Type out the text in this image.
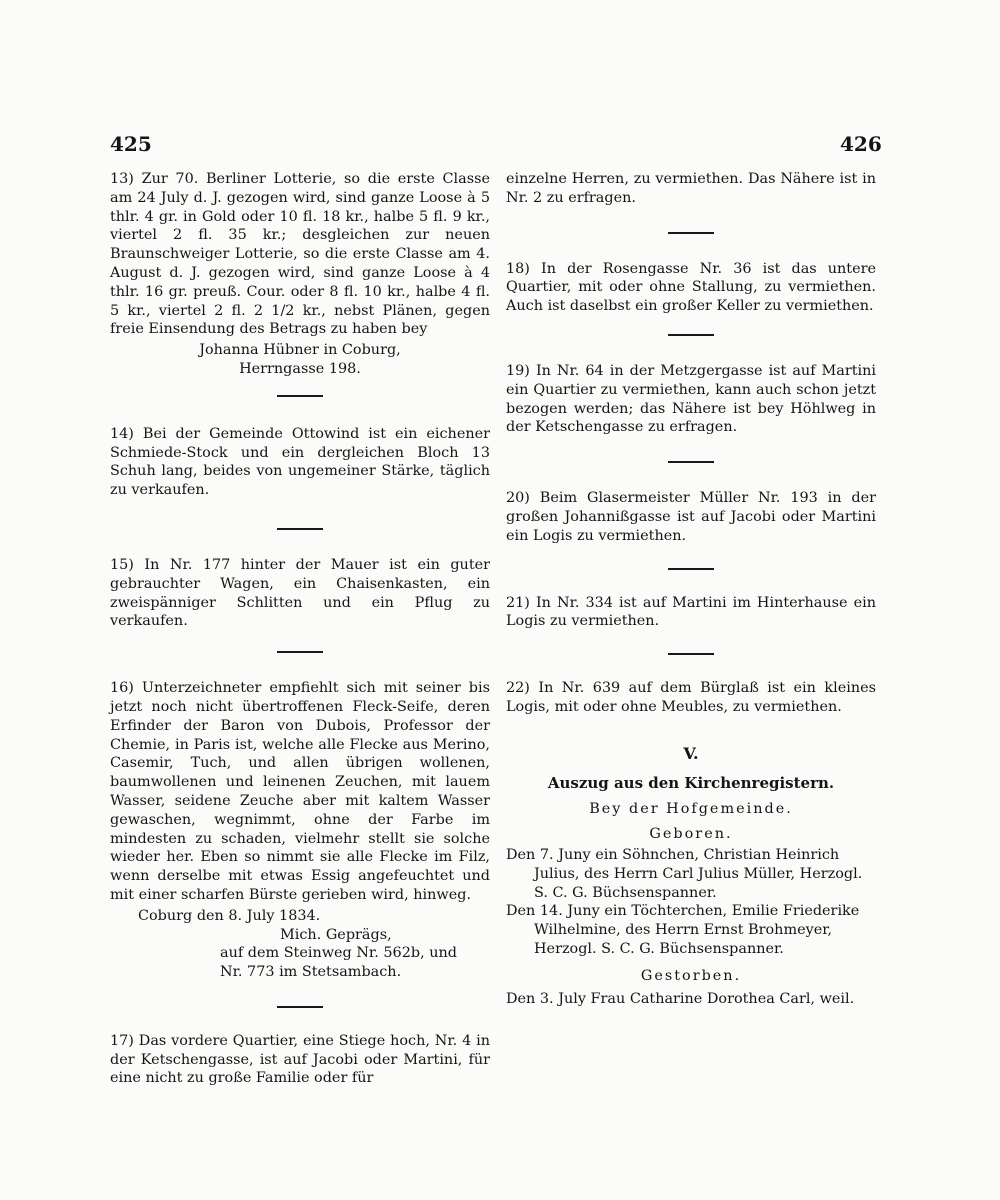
425	426

13) Zur 70. Berliner Lotterie, so die erste Classe am 24 July d. J. gezogen wird, sind ganze Loose à 5 thlr. 4 gr. in Gold oder 10 fl. 18 kr., halbe 5 fl. 9 kr., viertel 2 fl. 35 kr.; desgleichen zur neuen Braunschweiger Lotterie, so die erste Classe am 4. August d. J. gezogen wird, sind ganze Loose à 4 thlr. 16 gr. preuß. Cour. oder 8 fl. 10 kr., halbe 4 fl. 5 kr., viertel 2 fl. 2 1/2 kr., nebst Plänen, gegen freie Einsendung des Betrags zu haben bey

Johanna Hübner in Coburg,

Herrngasse 198.

14) Bei der Gemeinde Ottowind ist ein eichener Schmiede-Stock und ein dergleichen Bloch 13 Schuh lang, beides von ungemeiner Stärke, täglich zu verkaufen.

15) In Nr. 177 hinter der Mauer ist ein guter gebrauchter Wagen, ein Chaisenkasten, ein zweispänniger Schlitten und ein Pflug zu verkaufen.

16) Unterzeichneter empfiehlt sich mit seiner bis jetzt noch nicht übertroffenen Fleck-Seife, deren Erfinder der Baron von Dubois, Professor der Chemie, in Paris ist, welche alle Flecke aus Merino, Casemir, Tuch, und allen übrigen wollenen, baumwollenen und leinenen Zeuchen, mit lauem Wasser, seidene Zeuche aber mit kaltem Wasser gewaschen, wegnimmt, ohne der Farbe im mindesten zu schaden, vielmehr stellt sie solche wieder her. Eben so nimmt sie alle Flecke im Filz, wenn derselbe mit etwas Essig angefeuchtet und mit einer scharfen Bürste gerieben wird, hinweg.

Coburg den 8. July 1834.

Mich. Geprägs,

auf dem Steinweg Nr. 562b, und

Nr. 773 im Stetsambach.

17) Das vordere Quartier, eine Stiege hoch, Nr. 4 in der Ketschengasse, ist auf Jacobi oder Martini, für eine nicht zu große Familie oder für

einzelne Herren, zu vermiethen. Das Nähere ist in Nr. 2 zu erfragen.

18) In der Rosengasse Nr. 36 ist das untere Quartier, mit oder ohne Stallung, zu vermiethen. Auch ist daselbst ein großer Keller zu vermiethen.

19) In Nr. 64 in der Metzgergasse ist auf Martini ein Quartier zu vermiethen, kann auch schon jetzt bezogen werden; das Nähere ist bey Höhlweg in der Ketschengasse zu erfragen.

20) Beim Glasermeister Müller Nr. 193 in der großen Johannißgasse ist auf Jacobi oder Martini ein Logis zu vermiethen.

21) In Nr. 334 ist auf Martini im Hinterhause ein Logis zu vermiethen.

22) In Nr. 639 auf dem Bürglaß ist ein kleines Logis, mit oder ohne Meubles, zu vermiethen.

V.

Auszug aus den Kirchenregistern.

Bey der Hofgemeinde.

Geboren.

Den 7. Juny ein Söhnchen, Christian Heinrich Julius, des Herrn Carl Julius Müller, Herzogl. S. C. G. Büchsenspanner.

Den 14. Juny ein Töchterchen, Emilie Friederike Wilhelmine, des Herrn Ernst Brohmeyer, Herzogl. S. C. G. Büchsenspanner.

Gestorben.

Den 3. July Frau Catharine Dorothea Carl, weil.
